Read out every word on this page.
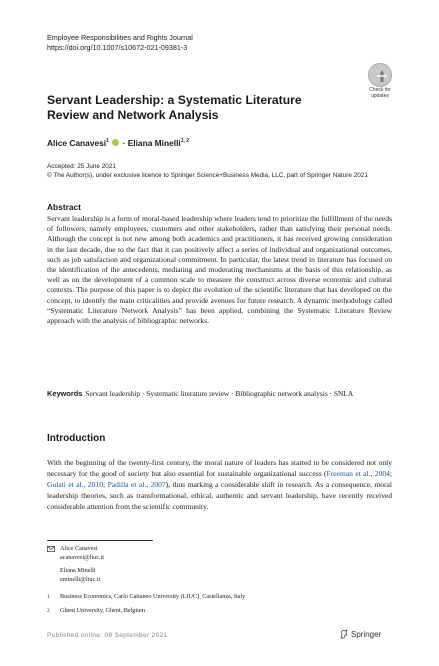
Employee Responsibilities and Rights Journal
https://doi.org/10.1007/s10672-021-09381-3
Check for
updates
Servant Leadership: a Systematic Literature Review and Network Analysis
Alice Canavesi$^1$  · Eliana Minelli$^{1, 2}$
Accepted: 25 June 2021
© The Author(s), under exclusive licence to Springer Science+Business Media, LLC, part of Springer Nature 2021
Abstract
Servant leadership is a form of moral-based leadership where leaders tend to prioritize the fulfillment of the needs of followers, namely employees, customers and other stakeholders, rather than satisfying their personal needs. Although the concept is not new among both academics and practitioners, it has received growing consideration in the last decade, due to the fact that it can positively affect a series of individual and organizational outcomes, such as job satisfaction and organizational commitment. In particular, the latest trend in literature has focused on the identification of the antecedents, mediating and moderating mechanisms at the basis of this relationship, as well as on the development of a common scale to measure the construct across diverse economic and cultural contexts. The purpose of this paper is to depict the evolution of the scientific literature that has developed on the concept, to identify the main criticalities and provide avenues for future research. A dynamic methodology called “Systematic Literature Network Analysis” has been applied, combining the Systematic Literature Review approach with the analysis of bibliographic networks.
Keywords Servant leadership · Systematic literature review · Bibliographic network analysis · SNLA
Introduction
With the beginning of the twenty-first century, the moral nature of leaders has started to be considered not only necessary for the good of society but also essential for sustainable organizational success (Freeman et al., 2004; Gulati et al., 2010; Padilla et al., 2007), thus marking a considerable shift in research. As a consequence, moral leadership theories, such as transformational, ethical, authentic and servant leadership, have recently received considerable attention from the scientific community.
Alice Canavesi
acanavesi@liuc.it
Eliana Minelli
eminelli@liuc.it
1	Business Economics, Carlo Cattaneo University (LIUC), Castellanza, Italy
2	Ghent University, Ghent, Belgium
Published online: 08 September 2021	Springer
